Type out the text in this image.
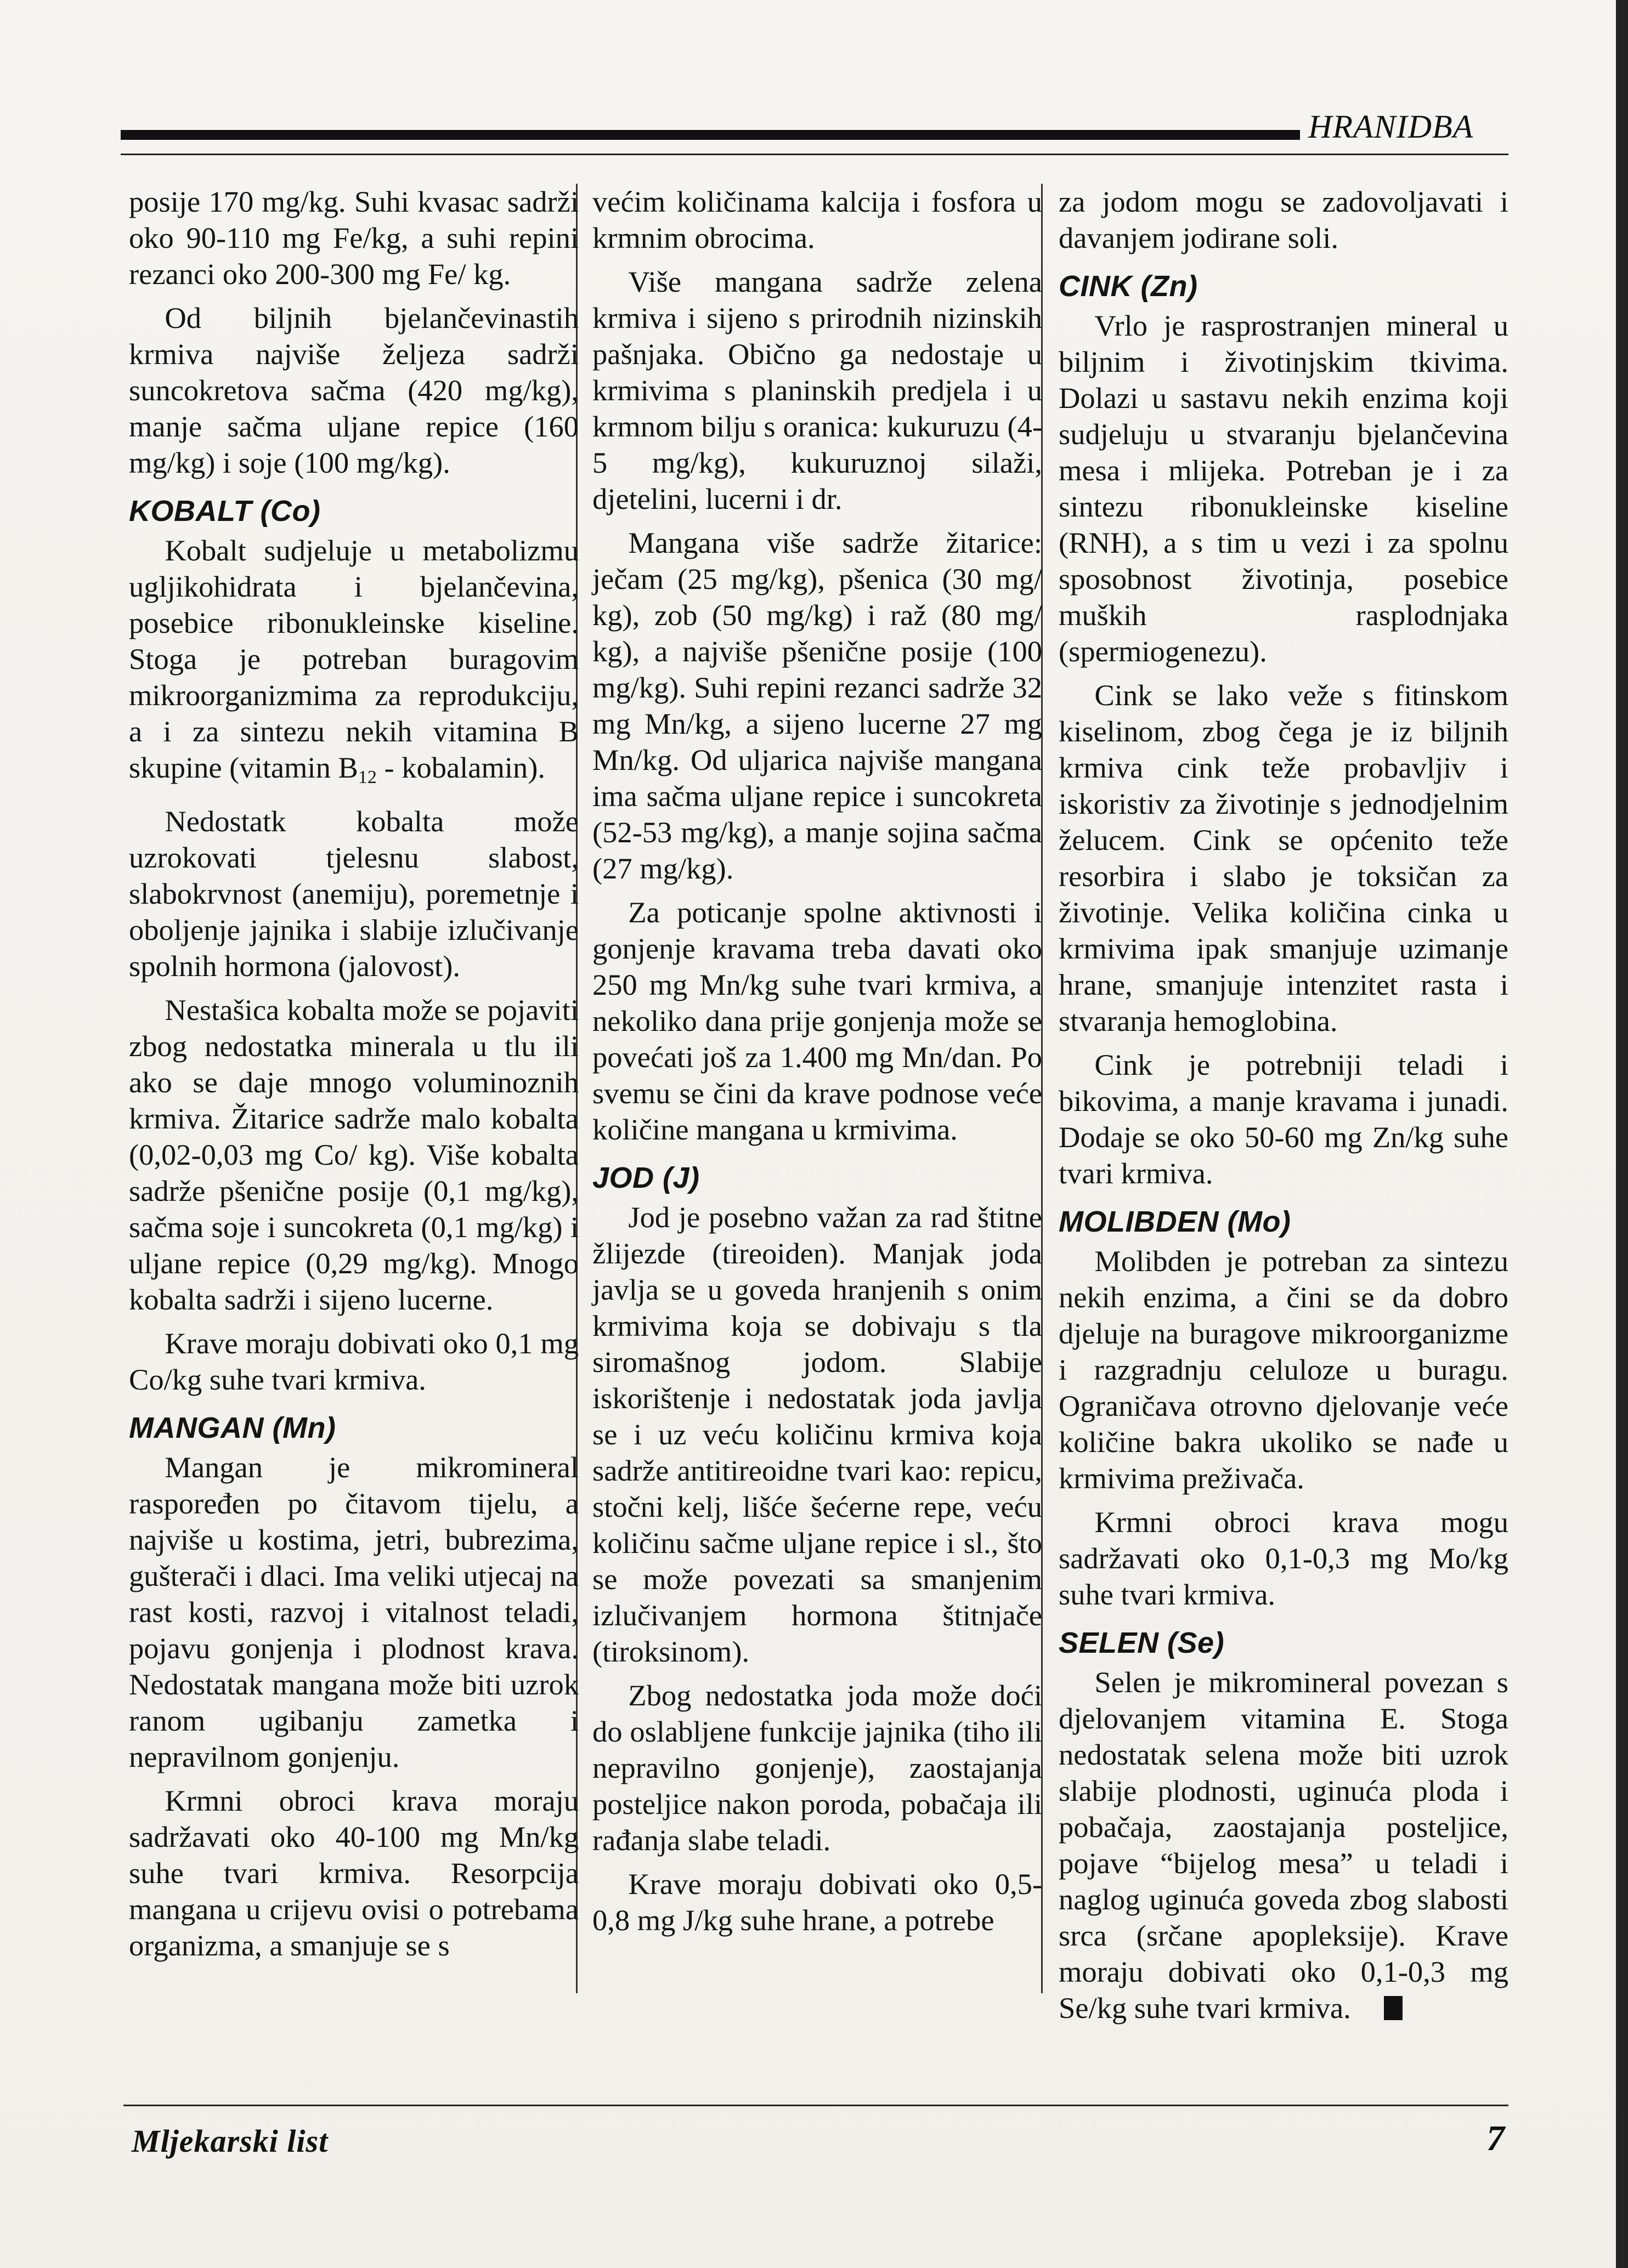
HRANIDBA

posije 170 mg/kg. Suhi kvasac sadrži oko 90-110 mg Fe/kg, a suhi repini rezanci oko 200-300 mg Fe/ kg.

Od biljnih bjelančevinastih krmiva najviše željeza sadrži suncokretova sačma (420 mg/kg), manje sačma uljane repice (160 mg/kg) i soje (100 mg/kg).

KOBALT (Co)

Kobalt sudjeluje u metabolizmu ugljikohidrata i bjelančevina, posebice ribonukleinske kiseline. Stoga je potreban buragovim mikroorganizmima za reprodukciju, a i za sintezu nekih vitamina B skupine (vitamin $B_{12}$ - kobalamin).

Nedostatk kobalta može uzrokovati tjelesnu slabost, slabokrvnost (anemiju), poremetnje i oboljenje jajnika i slabije izlučivanje spolnih hormona (jalovost).

Nestašica kobalta može se pojaviti zbog nedostatka minerala u tlu ili ako se daje mnogo voluminoznih krmiva. Žitarice sadrže malo kobalta (0,02-0,03 mg Co/ kg). Više kobalta sadrže pšenične posije (0,1 mg/kg), sačma soje i suncokreta (0,1 mg/kg) i uljane repice (0,29 mg/kg). Mnogo kobalta sadrži i sijeno lucerne.

Krave moraju dobivati oko 0,1 mg Co/kg suhe tvari krmiva.

MANGAN (Mn)

Mangan je mikromineral raspoređen po čitavom tijelu, a najviše u kostima, jetri, bubrezima, gušterači i dlaci. Ima veliki utjecaj na rast kosti, razvoj i vitalnost teladi, pojavu gonjenja i plodnost krava. Nedostatak mangana može biti uzrok ranom ugibanju zametka i nepravilnom gonjenju.

Krmni obroci krava moraju sadržavati oko 40-100 mg Mn/kg suhe tvari krmiva. Resorpcija mangana u crijevu ovisi o potrebama organizma, a smanjuje se s

većim količinama kalcija i fosfora u krmnim obrocima.

Više mangana sadrže zelena krmiva i sijeno s prirodnih nizinskih pašnjaka. Obično ga nedostaje u krmivima s planinskih predjela i u krmnom bilju s oranica: kukuruzu (4-5 mg/kg), kukuruznoj silaži, djetelini, lucerni i dr.

Mangana više sadrže žitarice: ječam (25 mg/kg), pšenica (30 mg/ kg), zob (50 mg/kg) i raž (80 mg/ kg), a najviše pšenične posije (100 mg/kg). Suhi repini rezanci sadrže 32 mg Mn/kg, a sijeno lucerne 27 mg Mn/kg. Od uljarica najviše mangana ima sačma uljane repice i suncokreta (52-53 mg/kg), a manje sojina sačma (27 mg/kg).

Za poticanje spolne aktivnosti i gonjenje kravama treba davati oko 250 mg Mn/kg suhe tvari krmiva, a nekoliko dana prije gonjenja može se povećati još za 1.400 mg Mn/dan. Po svemu se čini da krave podnose veće količine mangana u krmivima.

JOD (J)

Jod je posebno važan za rad štitne žlijezde (tireoiden). Manjak joda javlja se u goveda hranjenih s onim krmivima koja se dobivaju s tla siromašnog jodom. Slabije iskorištenje i nedostatak joda javlja se i uz veću količinu krmiva koja sadrže antitireoidne tvari kao: repicu, stočni kelj, lišće šećerne repe, veću količinu sačme uljane repice i sl., što se može povezati sa smanjenim izlučivanjem hormona štitnjače (tiroksinom).

Zbog nedostatka joda može doći do oslabljene funkcije jajnika (tiho ili nepravilno gonjenje), zaostajanja posteljice nakon poroda, pobačaja ili rađanja slabe teladi.

Krave moraju dobivati oko 0,5-0,8 mg J/kg suhe hrane, a potrebe

za jodom mogu se zadovoljavati i davanjem jodirane soli.

CINK (Zn)

Vrlo je rasprostranjen mineral u biljnim i životinjskim tkivima. Dolazi u sastavu nekih enzima koji sudjeluju u stvaranju bjelančevina mesa i mlijeka. Potreban je i za sintezu ribonukleinske kiseline (RNH), a s tim u vezi i za spolnu sposobnost životinja, posebice muških rasplodnjaka (spermiogenezu).

Cink se lako veže s fitinskom kiselinom, zbog čega je iz biljnih krmiva cink teže probavljiv i iskoristiv za životinje s jednodjelnim želucem. Cink se općenito teže resorbira i slabo je toksičan za životinje. Velika količina cinka u krmivima ipak smanjuje uzimanje hrane, smanjuje intenzitet rasta i stvaranja hemoglobina.

Cink je potrebniji teladi i bikovima, a manje kravama i junadi. Dodaje se oko 50-60 mg Zn/kg suhe tvari krmiva.

MOLIBDEN (Mo)

Molibden je potreban za sintezu nekih enzima, a čini se da dobro djeluje na buragove mikroorganizme i razgradnju celuloze u buragu. Ograničava otrovno djelovanje veće količine bakra ukoliko se nađe u krmivima preživača.

Krmni obroci krava mogu sadržavati oko 0,1-0,3 mg Mo/kg suhe tvari krmiva.

SELEN (Se)

Selen je mikromineral povezan s djelovanjem vitamina E. Stoga nedostatak selena može biti uzrok slabije plodnosti, uginuća ploda i pobačaja, zaostajanja posteljice, pojave “bijelog mesa” u teladi i naglog uginuća goveda zbog slabosti srca (srčane apopleksije). Krave moraju dobivati oko 0,1-0,3 mg Se/kg suhe tvari krmiva.

Mljekarski list	7
